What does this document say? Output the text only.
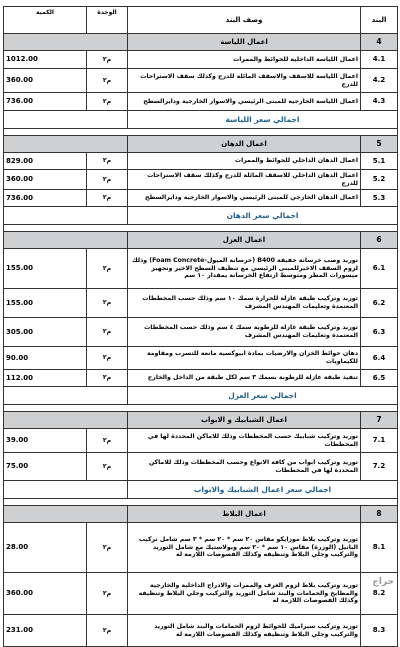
البند	وصف البند	الوحدة	الكمية
4	اعمال اللياسة		
4.1	اعمال اللياسة الداخلية للحوائط والممرات	م٢	1012.00
4.2	اعمال اللياسة للاسقف والاسقف المائلة للدرج وكذلك سقف الاستراحات للدرج	م٢	360.00
4.3	اعمال اللياسة الخارجية للمبنى الرئيسي والاسوار الخارجية ودايرالسطح	م٢	736.00
اجمالي سعر اللياسة			

5	اعمال الدهان		
5.1	اعمال الدهان الداخلي للحوائط والممرات	م٢	829.00
5.2	اعمال الدهان الداخلي للاسقف المائلة للدرج وكذلك سقف الاستراحات للدرج	م٢	360.00
5.3	اعمال الدهان الخارجي للمبنى الرئيسي والاسوار الخارجية ودايرالسطح	م٢	736.00
اجمالي سعر الدهان			

6	اعمال العزل		
6.1	توريد وصب خرسانة خفيفة B400 (خرسانة الميول-Foam Concrete) وذلك لزوم السقف الاخيرللمبنى الرئيسي مع تنظيف السطح الاخير وتجهيز ميسورات المطر ومتوسط ارتفاع الخرسانة يمقدار ١٠ سم	م٢	155.00
6.2	توريد وتركيب طبقة عازلة للحرارة سمك ١٠ سم وذلك حسب المخططات المعتمدة وتعليمات المهندس المشرف	م٢	155.00
6.3	توريد وتركيب طبقة عازلة للرطوبة سمك ٤ سم وذلك حسب المخططات المعتمدة وتعليمات المهندس المشرف	م٢	305.00
6.4	دهان حوائط الخزان والارضيات بمادة ابيوكسية مانعة للتسرب ومقاومة للكيماويات	م٢	90.00
6.5	تنفيذ طبقة عازلة للرطوبة بسمك ٣ سم لكل طبقة من الداخل والخارج	م٢	112.00
اجمالي سعر العزل			

7	اعمال الشبابيك و الابواب		
7.1	توريد وتركيب شبابيك حسب المخططات وذلك للاماكن المحددة لها في المخططات	م٢	39.00
7.2	توريد وتركيب ابواب من كافة الانواع وحسب المخططات وذلك للاماكن المحددة لها في المخططات	م٢	75.00
اجمالي سعر اعمال الشبابيك والابواب			

8	اعمال البلاط		
8.1	توريد وتركيب بلاط موزايكو مقاس ٢٠ سم * ٢٠ سم * ٣ سم شامل تركيب البانيل (الوزرة) مقاس ١٠ سم * ٢٠ سم وبولاستيك مع شامل التوريد والتركيب وجلي البلاط وتنظيفه وكذلك الفصوصات اللازمة له	م٢	28.00
8.2	توريد وتركيب بلاط لزوم الغرف والممرات والادراج الداخلية والخارجية والمطابخ والحمامات والبند شامل التوريد والتركيب وجلي البلاط وتنظيفه وكذلك الفصوصات اللازمة له	م٢	360.00
8.3	توريد وتركيب سيراميك للحوائط لزوم الحمامات والبند شامل التوريد والتركيب وجلي البلاط وتنظيفه وكذلك الفصوصات اللازمة له	م٢	231.00
حراج
